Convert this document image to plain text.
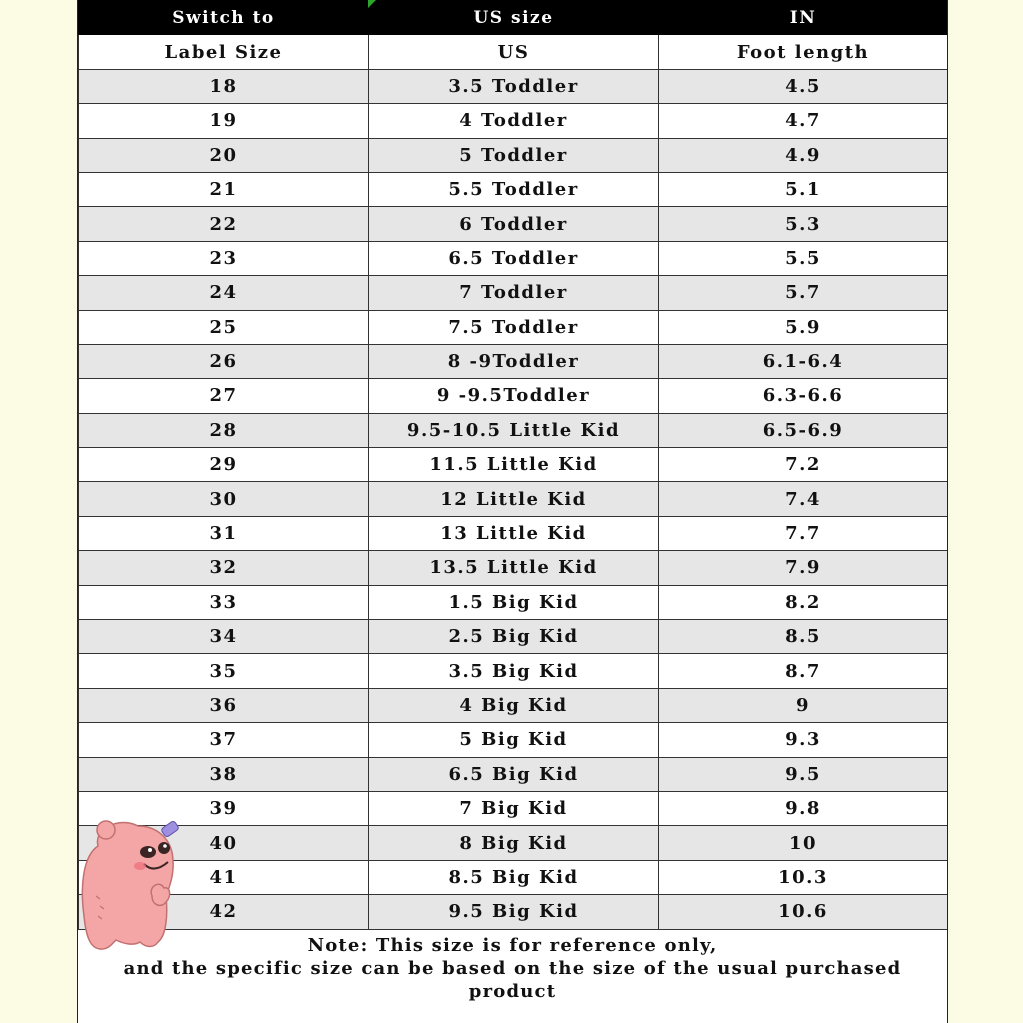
Switch to	US size	IN
Label Size	US	Foot length
18	3.5 Toddler	4.5
19	4 Toddler	4.7
20	5 Toddler	4.9
21	5.5 Toddler	5.1
22	6 Toddler	5.3
23	6.5 Toddler	5.5
24	7 Toddler	5.7
25	7.5 Toddler	5.9
26	8 -9Toddler	6.1-6.4
27	9 -9.5Toddler	6.3-6.6
28	9.5-10.5 Little Kid	6.5-6.9
29	11.5 Little Kid	7.2
30	12 Little Kid	7.4
31	13 Little Kid	7.7
32	13.5 Little Kid	7.9
33	1.5 Big Kid	8.2
34	2.5 Big Kid	8.5
35	3.5 Big Kid	8.7
36	4 Big Kid	9
37	5 Big Kid	9.3
38	6.5 Big Kid	9.5
39	7 Big Kid	9.8
40	8 Big Kid	10
41	8.5 Big Kid	10.3
42	9.5 Big Kid	10.6
Note: This size is for reference only,
and the specific size can be based on the size of the usual purchased
product
